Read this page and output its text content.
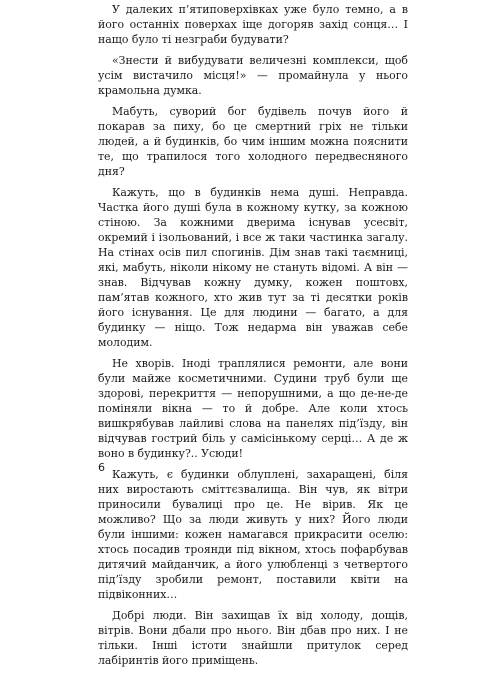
У далеких п’ятиповерхівках уже було темно, а в його останніх поверхах іще догоряв захід сонця… І нащо було ті незграби будувати?

«Знести й вибудувати величезні комплекси, щоб усім вистачило місця!» — промайнула у нього крамольна думка.

Мабуть, суворий бог будівель почув його й покарав за пиху, бо це смертний гріх не тільки людей, а й будинків, бо чим іншим можна пояснити те, що трапилося того холодного передвесняного дня?

Кажуть, що в будинків нема душі. Неправда. Частка його душі була в кожному кутку, за кожною стіною. За кожними дверима існував усесвіт, окремий і ізольований, і все ж таки частинка загалу. На стінах осів пил спогинів. Дім знав такі таємниці, які, мабуть, ніколи нікому не стануть відомі. А він — знав. Відчував кожну думку, кожен поштовх, пам’ятав кожного, хто жив тут за ті десятки років його існування. Це для людини — багато, а для будинку — ніщо. Тож недарма він уважав себе молодим.

Не хворів. Іноді траплялися ремонти, але вони були майже косметичними. Судини труб були ще здорові, перекриття — непорушними, а що де-не-де поміняли вікна — то й добре. Але коли хтось вишкрябував лайливі слова на панелях під’їзду, він відчував гострий біль у самісінькому серці… А де ж воно в будинку?.. Усюди!

Кажуть, є будинки облуплені, захаращені, біля них виростають сміттєзвалища. Він чув, як вітри приносили бувалиці про це. Не вірив. Як це можливо? Що за люди живуть у них? Його люди були іншими: кожен намагався прикрасити оселю: хтось посадив троянди під вікном, хтось пофарбував дитячий майданчик, а його улюбленці з четвертого під’їзду зробили ремонт, поставили квіти на підвіконних…

Добрі люди. Він захищав їх від холоду, дощів, вітрів. Вони дбали про нього. Він дбав про них. І не тільки. Інші істоти знайшли притулок серед лабіринтів його приміщень.

6
